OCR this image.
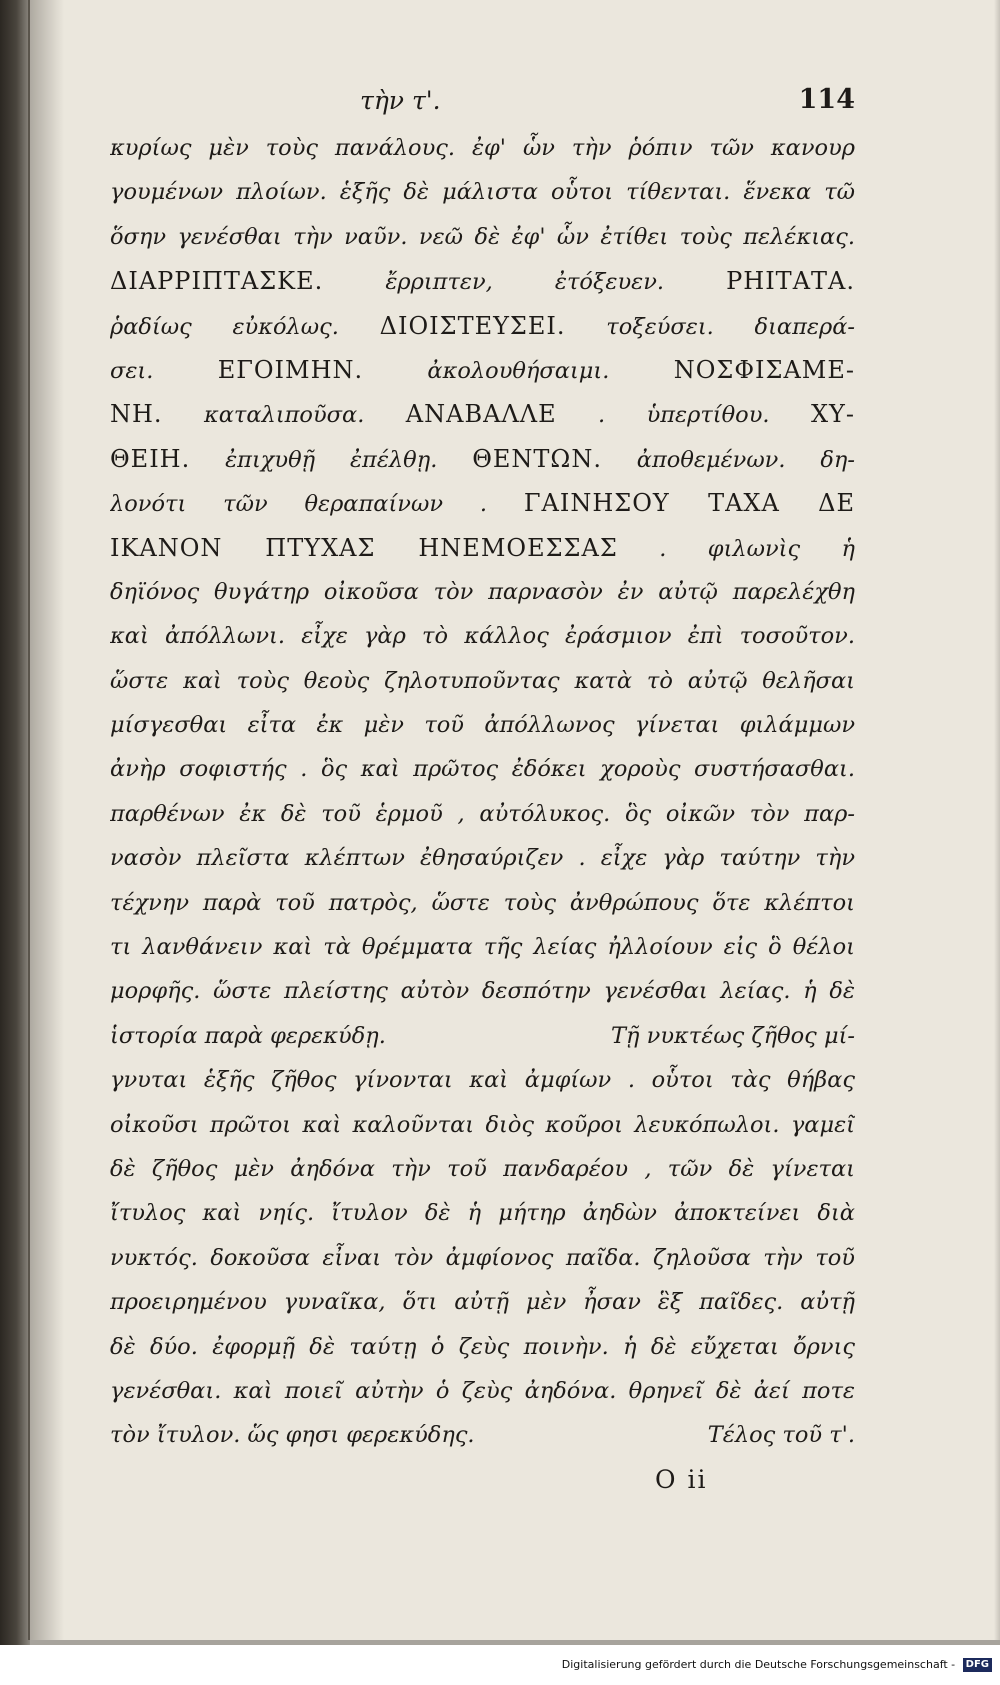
τὴν τ'.	114
κυρίως μὲν τοὺς πανάλους. ἐφ' ὧν τὴν ῥόπιν τῶν κανουρ
γουμένων πλοίων. ἑξῆς δὲ μάλιστα οὗτοι τίθενται. ἕνεκα τῶ
ὅσην γενέσθαι τὴν ναῦν. νεῶ δὲ ἐφ' ὧν ἐτίθει τοὺς πελέκιας.
ΔΙΑΡΡΙΠΤΑΣΚΕ. ἔρριπτεν, ἐτόξευεν. ΡΗΙΤΑΤΑ.
ῥαδίως εὐκόλως. ΔΙΟΙΣΤΕΥΣΕΙ. τοξεύσει. διαπερά-
σει. ΕΓΟΙΜΗΝ. ἀκολουθήσαιμι. ΝΟΣΦΙΣΑΜΕ-
ΝΗ. καταλιποῦσα. ΑΝΑΒΑΛΛΕ . ὑπερτίθου. ΧΥ-
ΘΕΙΗ. ἐπιχυθῇ ἐπέλθῃ. ΘΕΝΤΩΝ. ἀποθεμένων. δη-
λονότι τῶν θεραπαίνων . ΓΑΙΝΗΣΟΥ ΤΑΧΑ ΔΕ
ΙΚΑΝΟΝ ΠΤΥΧΑΣ ΗΝΕΜΟΕΣΣΑΣ . φιλωνὶς ἡ
δηϊόνος θυγάτηρ οἰκοῦσα τὸν παρνασὸν ἐν αὐτῷ παρελέχθη
καὶ ἀπόλλωνι. εἶχε γὰρ τὸ κάλλος ἐράσμιον ἐπὶ τοσοῦτον.
ὥστε καὶ τοὺς θεοὺς ζηλοτυποῦντας κατὰ τὸ αὐτῷ θελῆσαι
μίσγεσθαι εἶτα ἐκ μὲν τοῦ ἀπόλλωνος γίνεται φιλάμμων
ἀνὴρ σοφιστής . ὃς καὶ πρῶτος ἐδόκει χοροὺς συστήσασθαι.
παρθένων ἐκ δὲ τοῦ ἑρμοῦ , αὐτόλυκος. ὃς οἰκῶν τὸν παρ-
νασὸν πλεῖστα κλέπτων ἐθησαύριζεν . εἶχε γὰρ ταύτην τὴν
τέχνην παρὰ τοῦ πατρὸς, ὥστε τοὺς ἀνθρώπους ὅτε κλέπτοι
τι λανθάνειν καὶ τὰ θρέμματα τῆς λείας ἠλλοίουν εἰς ὃ θέλοι
μορφῆς. ὥστε πλείστης αὐτὸν δεσπότην γενέσθαι λείας. ἡ δὲ
ἱστορία παρὰ φερεκύδῃ.	Τῇ νυκτέως ζῆθος μί-
γνυται ἑξῆς ζῆθος γίνονται καὶ ἀμφίων . οὗτοι τὰς θήβας
οἰκοῦσι πρῶτοι καὶ καλοῦνται διὸς κοῦροι λευκόπωλοι. γαμεῖ
δὲ ζῆθος μὲν ἀηδόνα τὴν τοῦ πανδαρέου , τῶν δὲ γίνεται
ἴτυλος καὶ νηίς. ἴτυλον δὲ ἡ μήτηρ ἀηδὼν ἀποκτείνει διὰ
νυκτός. δοκοῦσα εἶναι τὸν ἀμφίονος παῖδα. ζηλοῦσα τὴν τοῦ
προειρημένου γυναῖκα, ὅτι αὐτῇ μὲν ἦσαν ἓξ παῖδες. αὐτῇ
δὲ δύο. ἐφορμῇ δὲ ταύτῃ ὁ ζεὺς ποινὴν. ἡ δὲ εὔχεται ὄρνις
γενέσθαι. καὶ ποιεῖ αὐτὴν ὁ ζεὺς ἀηδόνα. θρηνεῖ δὲ ἀεί ποτε
τὸν ἴτυλον. ὥς φησι φερεκύδης.	Τέλος τοῦ τ'.
O ii
Digitalisierung gefördert durch die Deutsche Forschungsgemeinschaft - DFG
